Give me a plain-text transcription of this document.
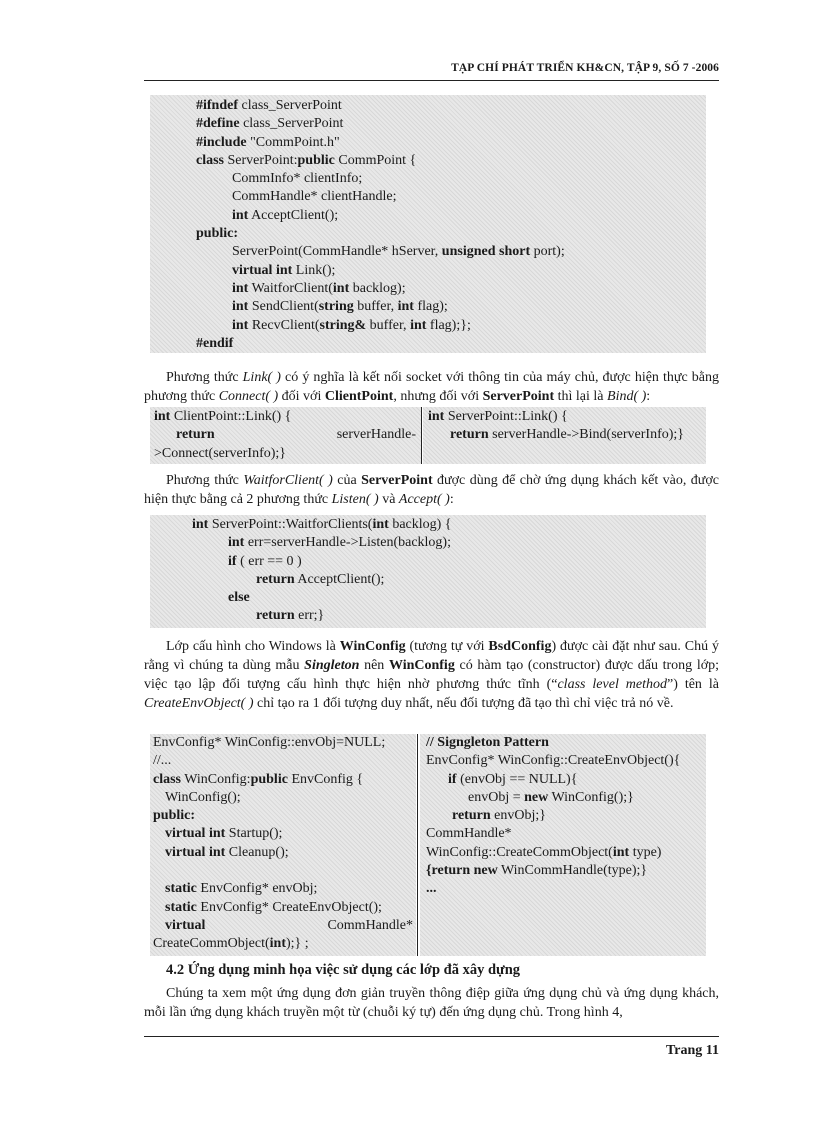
TẠP CHÍ PHÁT TRIỂN KH&CN, TẬP 9, SỐ 7 -2006
#ifndef class_ServerPoint
#define class_ServerPoint
#include "CommPoint.h"
class ServerPoint:public CommPoint {
CommInfo* clientInfo;
CommHandle* clientHandle;
int AcceptClient();
public:
ServerPoint(CommHandle* hServer, unsigned short port);
virtual int Link();
int WaitforClient(int backlog);
int SendClient(string buffer, int flag);
int RecvClient(string& buffer, int flag);};
#endif
Phương thức Link( ) có ý nghĩa là kết nối socket với thông tin của máy chủ, được hiện thực bằng phương thức Connect( ) đối với ClientPoint, nhưng đối với ServerPoint thì lại là Bind( ):
int ClientPoint::Link() {
return	serverHandle-
>Connect(serverInfo);}
int ServerPoint::Link() {
return serverHandle->Bind(serverInfo);}
Phương thức WaitforClient( ) của ServerPoint được dùng để chờ ứng dụng khách kết vào, được hiện thực bằng cả 2 phương thức Listen( ) và Accept( ):
int ServerPoint::WaitforClients(int backlog) {
int err=serverHandle->Listen(backlog);
if ( err == 0 )
return AcceptClient();
else
return err;}
Lớp cấu hình cho Windows là WinConfig (tương tự với BsdConfig) được cài đặt như sau. Chú ý rằng vì chúng ta dùng mẫu Singleton nên WinConfig có hàm tạo (constructor) được dấu trong lớp; việc tạo lập đối tượng cấu hình thực hiện nhờ phương thức tĩnh (“class level method”) tên là CreateEnvObject( ) chỉ tạo ra 1 đối tượng duy nhất, nếu đối tượng đã tạo thì chỉ việc trả nó về.
EnvConfig* WinConfig::envObj=NULL;
//...
class WinConfig:public EnvConfig {
WinConfig();
public:
virtual int Startup();
virtual int Cleanup();

static EnvConfig* envObj;
static EnvConfig* CreateEnvObject();
virtual	CommHandle*
CreateCommObject(int);} ;
// Signgleton Pattern
EnvConfig* WinConfig::CreateEnvObject(){
if (envObj == NULL){
envObj = new WinConfig();}
return envObj;}
CommHandle*
WinConfig::CreateCommObject(int type)
{return new WinCommHandle(type);}
...
4.2 Ứng dụng minh họa việc sử dụng các lớp đã xây dựng
Chúng ta xem một ứng dụng đơn giản truyền thông điệp giữa ứng dụng chủ và ứng dụng khách, mỗi lần ứng dụng khách truyền một từ (chuỗi ký tự) đến ứng dụng chủ. Trong hình 4,
Trang 11
